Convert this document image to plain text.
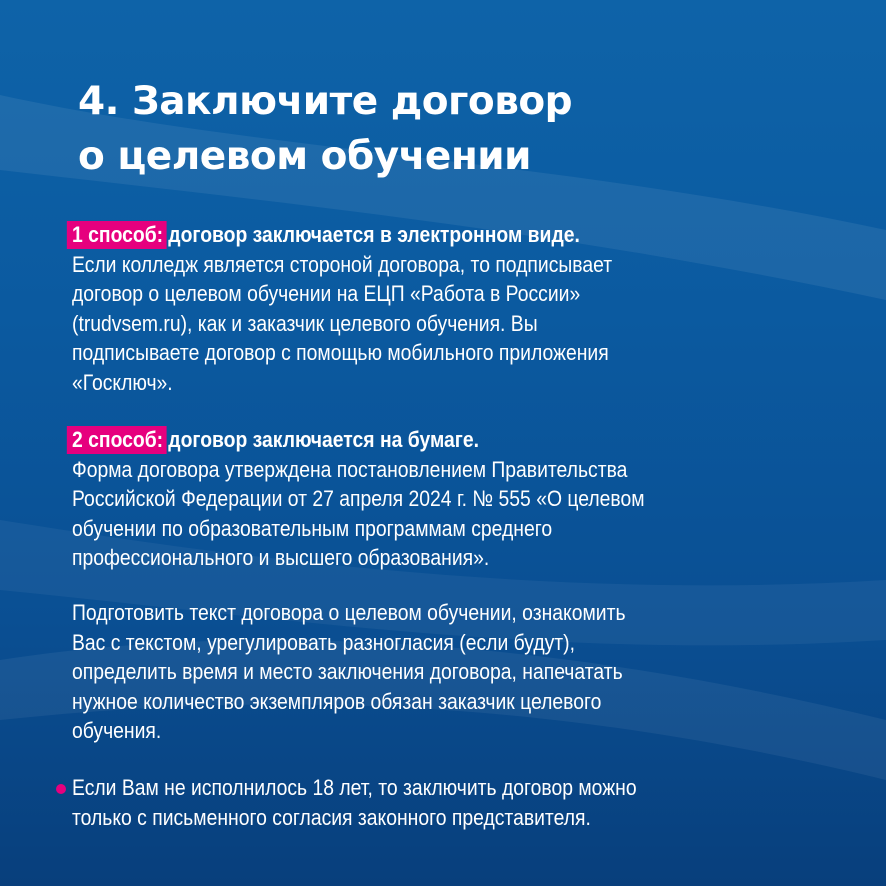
4. Заключите договор
о целевом обучении
1 способ: договор заключается в электронном виде.
Если колледж является стороной договора, то подписывает
договор о целевом обучении на ЕЦП «Работа в России»
(trudvsem.ru), как и заказчик целевого обучения. Вы
подписываете договор с помощью мобильного приложения
«Госключ».
2 способ: договор заключается на бумаге.
Форма договора утверждена постановлением Правительства
Российской Федерации от 27 апреля 2024 г. № 555 «О целевом
обучении по образовательным программам среднего
профессионального и высшего образования».
Подготовить текст договора о целевом обучении, ознакомить
Вас с текстом, урегулировать разногласия (если будут),
определить время и место заключения договора, напечатать
нужное количество экземпляров обязан заказчик целевого
обучения.
Если Вам не исполнилось 18 лет, то заключить договор можно
только с письменного согласия законного представителя.
